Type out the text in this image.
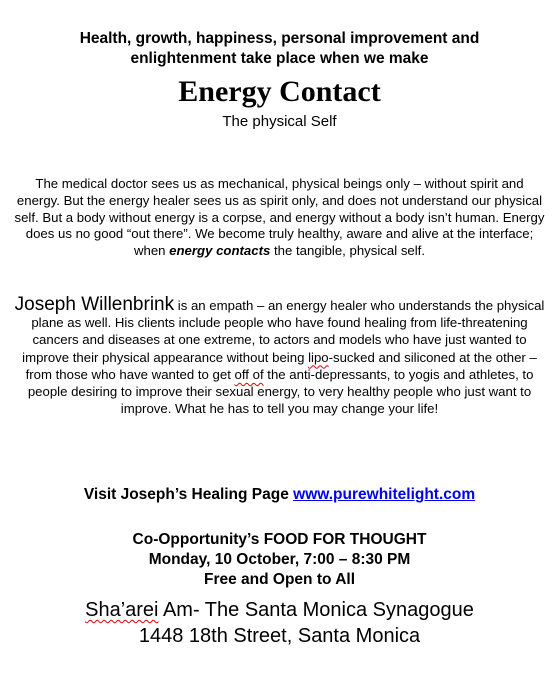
Health, growth, happiness, personal improvement and
enlightenment take place when we make
Energy Contact
The physical Self
The medical doctor sees us as mechanical, physical beings only – without spirit and energy. But the energy healer sees us as spirit only, and does not understand our physical self. But a body without energy is a corpse, and energy without a body isn’t human. Energy does us no good “out there”. We become truly healthy, aware and alive at the interface; when energy contacts the tangible, physical self.
Joseph Willenbrink is an empath – an energy healer who understands the physical plane as well. His clients include people who have found healing from life-threatening cancers and diseases at one extreme, to actors and models who have just wanted to improve their physical appearance without being lipo-sucked and siliconed at the other – from those who have wanted to get off of the anti-depressants, to yogis and athletes, to people desiring to improve their sexual energy, to very healthy people who just want to improve. What he has to tell you may change your life!
Visit Joseph’s Healing Page www.purewhitelight.com
Co-Opportunity’s FOOD FOR THOUGHT
Monday, 10 October, 7:00 – 8:30 PM
Free and Open to All
Sha’arei Am- The Santa Monica Synagogue
1448 18th Street, Santa Monica
